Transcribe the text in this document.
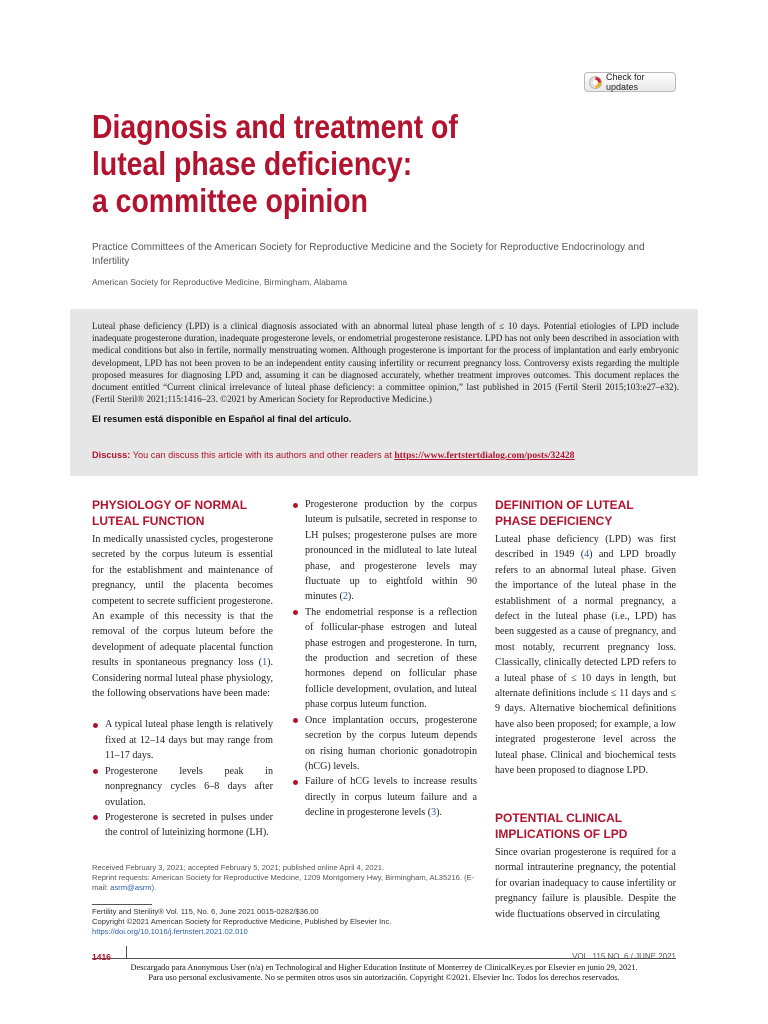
Check for updates
Diagnosis and treatment of
luteal phase deficiency:
a committee opinion
Practice Committees of the American Society for Reproductive Medicine and the Society for Reproductive Endocrinology and Infertility
American Society for Reproductive Medicine, Birmingham, Alabama
Luteal phase deficiency (LPD) is a clinical diagnosis associated with an abnormal luteal phase length of ≤ 10 days. Potential etiologies of LPD include inadequate progesterone duration, inadequate progesterone levels, or endometrial progesterone resistance. LPD has not only been described in association with medical conditions but also in fertile, normally menstruating women. Although progesterone is important for the process of implantation and early embryonic development, LPD has not been proven to be an independent entity causing infertility or recurrent pregnancy loss. Controversy exists regarding the multiple proposed measures for diagnosing LPD and, assuming it can be diagnosed accurately, whether treatment improves outcomes. This document replaces the document entitled “Current clinical irrelevance of luteal phase deficiency: a committee opinion,” last published in 2015 (Fertil Steril 2015;103:e27–e32). (Fertil Steril® 2021;115:1416–23. ©2021 by American Society for Reproductive Medicine.)
El resumen está disponible en Español al final del artículo.
Discuss: You can discuss this article with its authors and other readers at https://www.fertstertdialog.com/posts/32428
PHYSIOLOGY OF NORMAL LUTEAL FUNCTION

In medically unassisted cycles, progesterone secreted by the corpus luteum is essential for the establishment and maintenance of pregnancy, until the placenta becomes competent to secrete sufficient progesterone. An example of this necessity is that the removal of the corpus luteum before the development of adequate placental function results in spontaneous pregnancy loss (1). Considering normal luteal phase physiology, the following observations have been made:

A typical luteal phase length is relatively fixed at 12–14 days but may range from 11–17 days.
Progesterone levels peak in nonpregnancy cycles 6–8 days after ovulation.
Progesterone is secreted in pulses under the control of luteinizing hormone (LH).
Progesterone production by the corpus luteum is pulsatile, secreted in response to LH pulses; progesterone pulses are more pronounced in the midluteal to late luteal phase, and progesterone levels may fluctuate up to eightfold within 90 minutes (2).
The endometrial response is a reflection of follicular-phase estrogen and luteal phase estrogen and progesterone. In turn, the production and secretion of these hormones depend on follicular phase follicle development, ovulation, and luteal phase corpus luteum function.
Once implantation occurs, progesterone secretion by the corpus luteum depends on rising human chorionic gonadotropin (hCG) levels.
Failure of hCG levels to increase results directly in corpus luteum failure and a decline in progesterone levels (3).
DEFINITION OF LUTEAL PHASE DEFICIENCY

Luteal phase deficiency (LPD) was first described in 1949 (4) and LPD broadly refers to an abnormal luteal phase. Given the importance of the luteal phase in the establishment of a normal pregnancy, a defect in the luteal phase (i.e., LPD) has been suggested as a cause of pregnancy, and most notably, recurrent pregnancy loss. Classically, clinically detected LPD refers to a luteal phase of ≤ 10 days in length, but alternate definitions include ≤ 11 days and ≤ 9 days. Alternative biochemical definitions have also been proposed; for example, a low integrated progesterone level across the luteal phase. Clinical and biochemical tests have been proposed to diagnose LPD.

POTENTIAL CLINICAL IMPLICATIONS OF LPD

Since ovarian progesterone is required for a normal intrauterine pregnancy, the potential for ovarian inadequacy to cause infertility or pregnancy failure is plausible. Despite the wide fluctuations observed in circulating

Received February 3, 2021; accepted February 5, 2021; published online April 4, 2021.
Reprint requests: American Society for Reproductive Medcine, 1209 Montgomery Hwy, Birmingham, AL35216. (E-mail: asrm@asrm).
Fertility and Sterility® Vol. 115, No. 6, June 2021 0015-0282/$36.00
Copyright ©2021 American Society for Reproductive Medicine, Published by Elsevier Inc.
https://doi.org/10.1016/j.fertnstert.2021.02.010
1416	VOL. 115 NO. 6 / JUNE 2021
Descargado para Anonymous User (n/a) en Technological and Higher Education Institute of Monterrey de ClinicalKey.es por Elsevier en junio 29, 2021.
Para uso personal exclusivamente. No se permiten otros usos sin autorización. Copyright ©2021. Elsevier Inc. Todos los derechos reservados.
